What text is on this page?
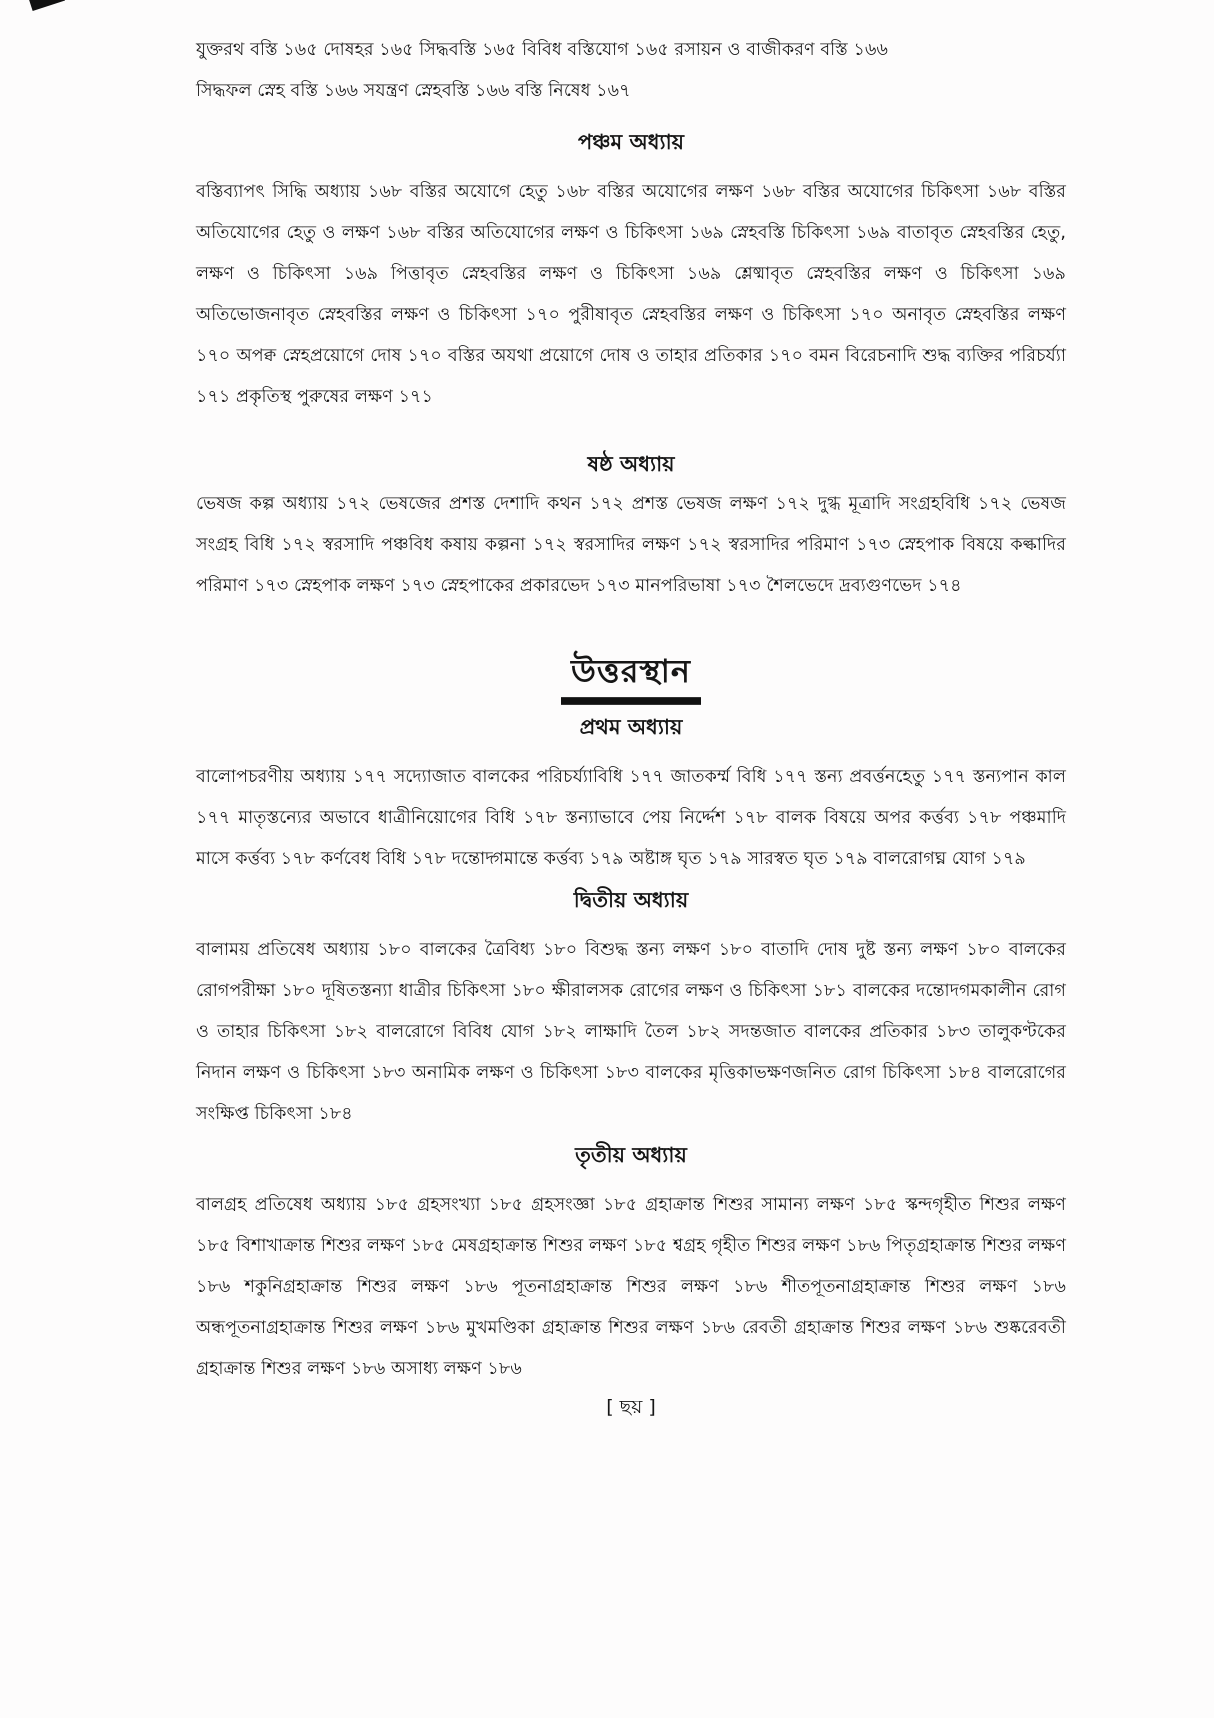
যুক্তরথ বস্তি ১৬৫ দোষহর ১৬৫ সিদ্ধবস্তি ১৬৫ বিবিধ বস্তিযোগ ১৬৫ রসায়ন ও বাজীকরণ বস্তি ১৬৬

সিদ্ধফল স্নেহ বস্তি ১৬৬ সযন্ত্রণ স্নেহবস্তি ১৬৬ বস্তি নিষেধ ১৬৭

পঞ্চম অধ্যায়

বস্তিব্যাপৎ সিদ্ধি অধ্যায় ১৬৮ বস্তির অযোগে হেতু ১৬৮ বস্তির অযোগের লক্ষণ ১৬৮ বস্তির অযোগের চিকিৎসা ১৬৮ বস্তির অতিযোগের হেতু ও লক্ষণ ১৬৮ বস্তির অতিযোগের লক্ষণ ও চিকিৎসা ১৬৯ স্নেহবস্তি চিকিৎসা ১৬৯ বাতাবৃত স্নেহবস্তির হেতু, লক্ষণ ও চিকিৎসা ১৬৯ পিত্তাবৃত স্নেহবস্তির লক্ষণ ও চিকিৎসা ১৬৯ শ্লেষ্মাবৃত স্নেহবস্তির লক্ষণ ও চিকিৎসা ১৬৯ অতিভোজনাবৃত স্নেহবস্তির লক্ষণ ও চিকিৎসা ১৭০ পুরীষাবৃত স্নেহবস্তির লক্ষণ ও চিকিৎসা ১৭০ অনাবৃত স্নেহবস্তির লক্ষণ ১৭০ অপক্ব স্নেহপ্রয়োগে দোষ ১৭০ বস্তির অযথা প্রয়োগে দোষ ও তাহার প্রতিকার ১৭০ বমন বিরেচনাদি শুদ্ধ ব্যক্তির পরিচর্য্যা ১৭১ প্রকৃতিস্থ পুরুষের লক্ষণ ১৭১

ষষ্ঠ অধ্যায়

ভেষজ কল্প অধ্যায় ১৭২ ভেষজের প্রশস্ত দেশাদি কথন ১৭২ প্রশস্ত ভেষজ লক্ষণ ১৭২ দুগ্ধ মূত্রাদি সংগ্রহবিধি ১৭২ ভেষজ সংগ্রহ বিধি ১৭২ স্বরসাদি পঞ্চবিধ কষায় কল্পনা ১৭২ স্বরসাদির লক্ষণ ১৭২ স্বরসাদির পরিমাণ ১৭৩ স্নেহপাক বিষয়ে কল্কাদির পরিমাণ ১৭৩ স্নেহপাক লক্ষণ ১৭৩ স্নেহপাকের প্রকারভেদ ১৭৩ মানপরিভাষা ১৭৩ শৈলভেদে দ্রব্যগুণভেদ ১৭৪

উত্তরস্থান
প্রথম অধ্যায়

বালোপচরণীয় অধ্যায় ১৭৭ সদ্যোজাত বালকের পরিচর্য্যাবিধি ১৭৭ জাতকর্ম্ম বিধি ১৭৭ স্তন্য প্রবর্ত্তনহেতু ১৭৭ স্তন্যপান কাল ১৭৭ মাতৃস্তন্যের অভাবে ধাত্রীনিয়োগের বিধি ১৭৮ স্তন্যাভাবে পেয় নির্দ্দেশ ১৭৮ বালক বিষয়ে অপর কর্ত্তব্য ১৭৮ পঞ্চমাদি মাসে কর্ত্তব্য ১৭৮ কর্ণবেধ বিধি ১৭৮ দন্তোদ্গমান্তে কর্ত্তব্য ১৭৯ অষ্টাঙ্গ ঘৃত ১৭৯ সারস্বত ঘৃত ১৭৯ বালরোগঘ্ন যোগ ১৭৯

দ্বিতীয় অধ্যায়

বালাময় প্রতিষেধ অধ্যায় ১৮০ বালকের ত্রৈবিধ্য ১৮০ বিশুদ্ধ স্তন্য লক্ষণ ১৮০ বাতাদি দোষ দুষ্ট স্তন্য লক্ষণ ১৮০ বালকের রোগপরীক্ষা ১৮০ দূষিতস্তন্যা ধাত্রীর চিকিৎসা ১৮০ ক্ষীরালসক রোগের লক্ষণ ও চিকিৎসা ১৮১ বালকের দন্তোদগমকালীন রোগ ও তাহার চিকিৎসা ১৮২ বালরোগে বিবিধ যোগ ১৮২ লাক্ষাদি তৈল ১৮২ সদন্তজাত বালকের প্রতিকার ১৮৩ তালুকণ্টকের নিদান লক্ষণ ও চিকিৎসা ১৮৩ অনামিক লক্ষণ ও চিকিৎসা ১৮৩ বালকের মৃত্তিকাভক্ষণজনিত রোগ চিকিৎসা ১৮৪ বালরোগের সংক্ষিপ্ত চিকিৎসা ১৮৪

তৃতীয় অধ্যায়

বালগ্রহ প্রতিষেধ অধ্যায় ১৮৫ গ্রহসংখ্যা ১৮৫ গ্রহসংজ্ঞা ১৮৫ গ্রহাক্রান্ত শিশুর সামান্য লক্ষণ ১৮৫ স্কন্দগৃহীত শিশুর লক্ষণ ১৮৫ বিশাখাক্রান্ত শিশুর লক্ষণ ১৮৫ মেষগ্রহাক্রান্ত শিশুর লক্ষণ ১৮৫ শ্বগ্রহ গৃহীত শিশুর লক্ষণ ১৮৬ পিতৃগ্রহাক্রান্ত শিশুর লক্ষণ ১৮৬ শকুনিগ্রহাক্রান্ত শিশুর লক্ষণ ১৮৬ পূতনাগ্রহাক্রান্ত শিশুর লক্ষণ ১৮৬ শীতপূতনাগ্রহাক্রান্ত শিশুর লক্ষণ ১৮৬ অন্ধপূতনাগ্রহাক্রান্ত শিশুর লক্ষণ ১৮৬ মুখমণ্ডিকা গ্রহাক্রান্ত শিশুর লক্ষণ ১৮৬ রেবতী গ্রহাক্রান্ত শিশুর লক্ষণ ১৮৬ শুষ্করেবতী গ্রহাক্রান্ত শিশুর লক্ষণ ১৮৬ অসাধ্য লক্ষণ ১৮৬

[ ছয় ]
